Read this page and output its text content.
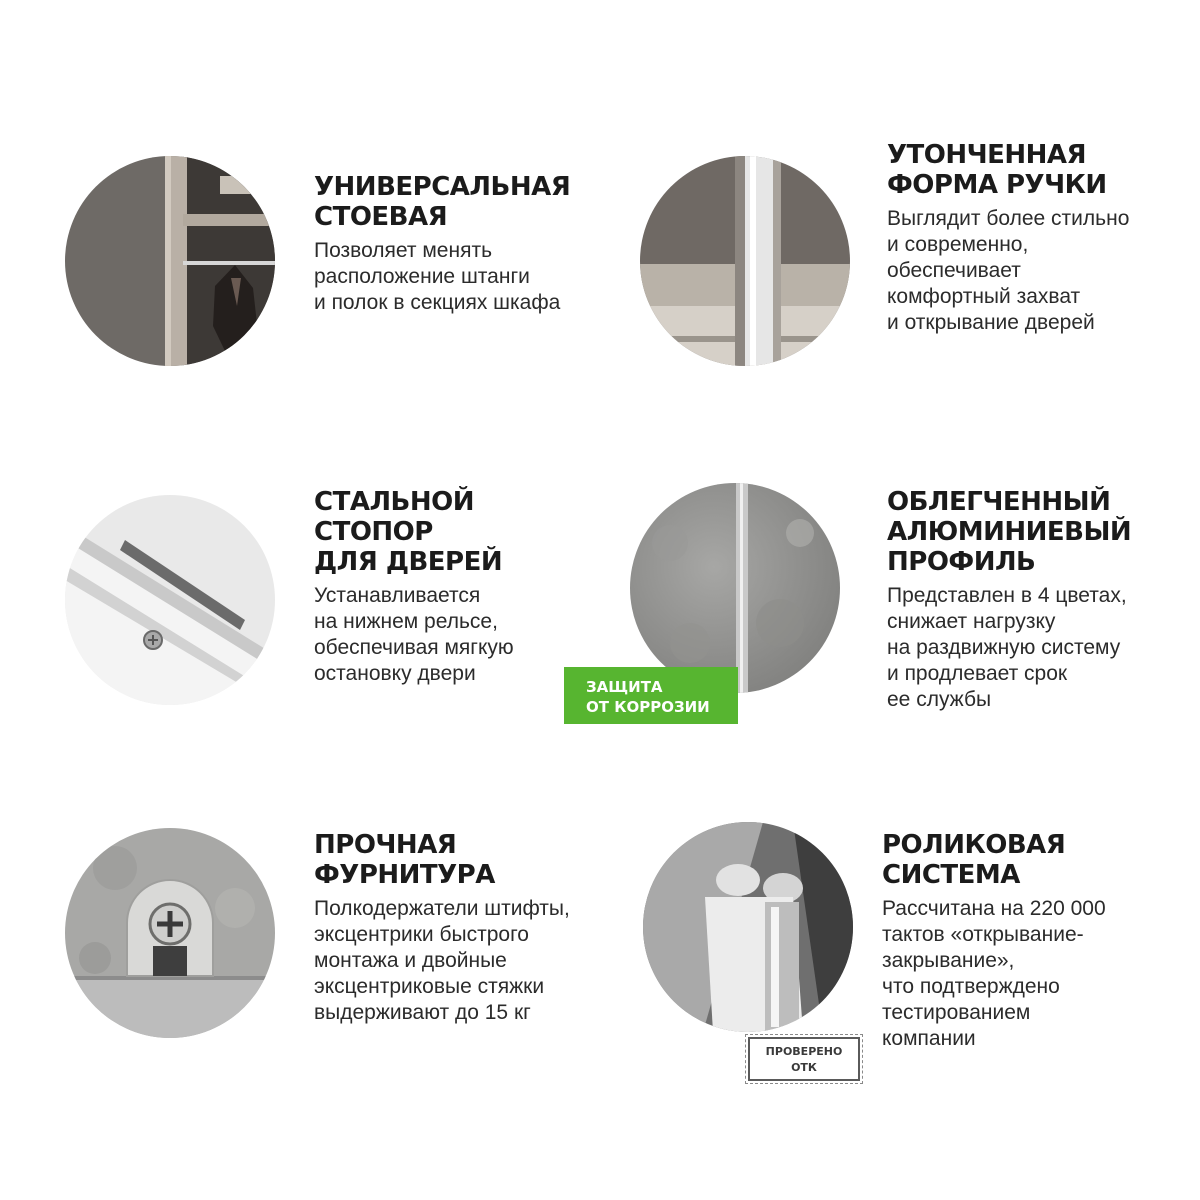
УНИВЕРСАЛЬНАЯ
СТОЕВАЯ
Позволяет менять
расположение штанги
и полок в секциях шкафа
УТОНЧЕННАЯ
ФОРМА РУЧКИ
Выглядит более стильно
и современно,
обеспечивает
комфортный захват
и открывание дверей
СТАЛЬНОЙ
СТОПОР
ДЛЯ ДВЕРЕЙ
Устанавливается
на нижнем рельсе,
обеспечивая мягкую
остановку двери
ЗАЩИТА
ОТ КОРРОЗИИ
ОБЛЕГЧЕННЫЙ
АЛЮМИНИЕВЫЙ
ПРОФИЛЬ
Представлен в 4 цветах,
снижает нагрузку
на раздвижную систему
и продлевает срок
ее службы
ПРОЧНАЯ
ФУРНИТУРА
Полкодержатели штифты,
эксцентрики быстрого
монтажа и двойные
эксцентриковые стяжки
выдерживают до 15 кг
ПРОВЕРЕНО
ОТК
РОЛИКОВАЯ
СИСТЕМА
Рассчитана на 220 000
тактов «открывание-
закрывание»,
что подтверждено
тестированием
компании
